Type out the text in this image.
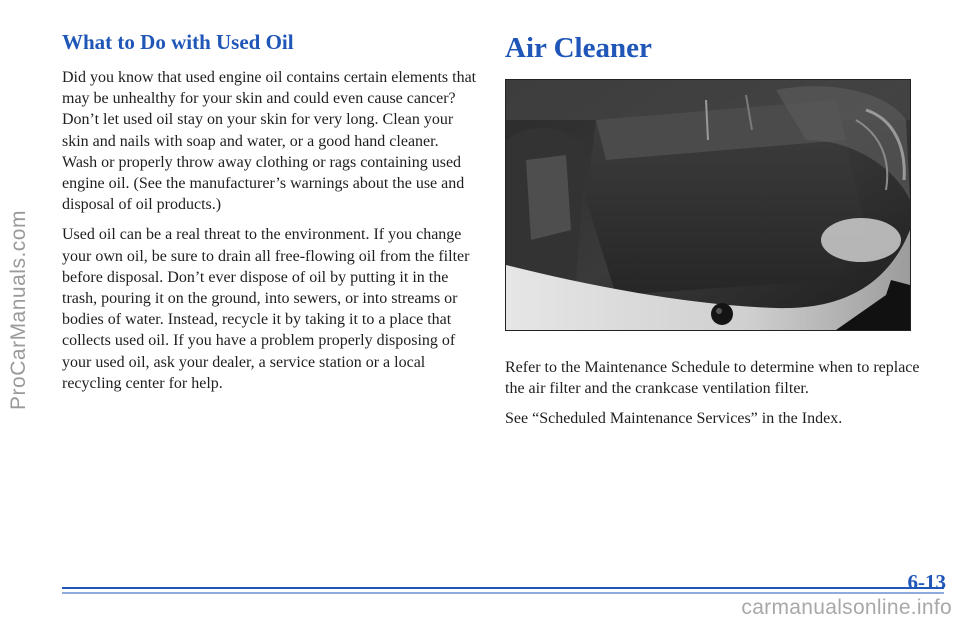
ProCarManuals.com
What to Do with Used Oil

Did you know that used engine oil contains certain elements that may be unhealthy for your skin and could even cause cancer? Don’t let used oil stay on your skin for very long. Clean your skin and nails with soap and water, or a good hand cleaner. Wash or properly throw away clothing or rags containing used engine oil. (See the manufacturer’s warnings about the use and disposal of oil products.)

Used oil can be a real threat to the environment. If you change your own oil, be sure to drain all free-flowing oil from the filter before disposal. Don’t ever dispose of oil by putting it in the trash, pouring it on the ground, into sewers, or into streams or bodies of water. Instead, recycle it by taking it to a place that collects used oil. If you have a problem properly disposing of your used oil, ask your dealer, a service station or a local recycling center for help.

Air Cleaner

Refer to the Maintenance Schedule to determine when to replace the air filter and the crankcase ventilation filter.

See “Scheduled Maintenance Services” in the Index.

6-13
carmanualsonline.info
